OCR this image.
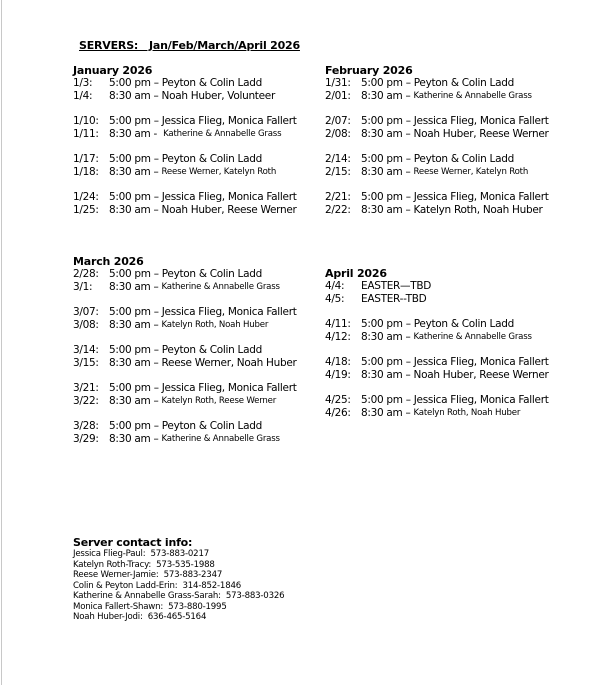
SERVERS:   Jan/Feb/March/April 2026
January 2026
1/3:	5:00 pm – Peyton & Colin Ladd
1/4:	8:30 am – Noah Huber, Volunteer
1/10: 5:00 pm – Jessica Flieg, Monica Fallert
1/11: 8:30 am - Katherine & Annabelle Grass
1/17: 5:00 pm – Peyton & Colin Ladd
1/18: 8:30 am – Reese Werner, Katelyn Roth
1/24: 5:00 pm – Jessica Flieg, Monica Fallert
1/25: 8:30 am – Noah Huber, Reese Werner
February 2026
1/31: 5:00 pm – Peyton & Colin Ladd
2/01: 8:30 am – Katherine & Annabelle Grass
2/07: 5:00 pm – Jessica Flieg, Monica Fallert
2/08: 8:30 am – Noah Huber, Reese Werner
2/14: 5:00 pm – Peyton & Colin Ladd
2/15: 8:30 am – Reese Werner, Katelyn Roth
2/21: 5:00 pm – Jessica Flieg, Monica Fallert
2/22: 8:30 am – Katelyn Roth, Noah Huber
March 2026
2/28: 5:00 pm – Peyton & Colin Ladd
3/1:	8:30 am – Katherine & Annabelle Grass
3/07: 5:00 pm – Jessica Flieg, Monica Fallert
3/08: 8:30 am – Katelyn Roth, Noah Huber
3/14: 5:00 pm – Peyton & Colin Ladd
3/15: 8:30 am – Reese Werner, Noah Huber
3/21: 5:00 pm – Jessica Flieg, Monica Fallert
3/22: 8:30 am – Katelyn Roth, Reese Werner
3/28: 5:00 pm – Peyton & Colin Ladd
3/29: 8:30 am – Katherine & Annabelle Grass
April 2026
4/4:	EASTER—TBD
4/5:	EASTER--TBD
4/11: 5:00 pm – Peyton & Colin Ladd
4/12: 8:30 am – Katherine & Annabelle Grass
4/18: 5:00 pm – Jessica Flieg, Monica Fallert
4/19: 8:30 am – Noah Huber, Reese Werner
4/25: 5:00 pm – Jessica Flieg, Monica Fallert
4/26: 8:30 am – Katelyn Roth, Noah Huber
Server contact info:
Jessica Flieg-Paul:  573-883-0217
Katelyn Roth-Tracy:  573-535-1988
Reese Werner-Jamie:  573-883-2347
Colin & Peyton Ladd-Erin:  314-852-1846
Katherine & Annabelle Grass-Sarah:  573-883-0326
Monica Fallert-Shawn:  573-880-1995
Noah Huber-Jodi:  636-465-5164
